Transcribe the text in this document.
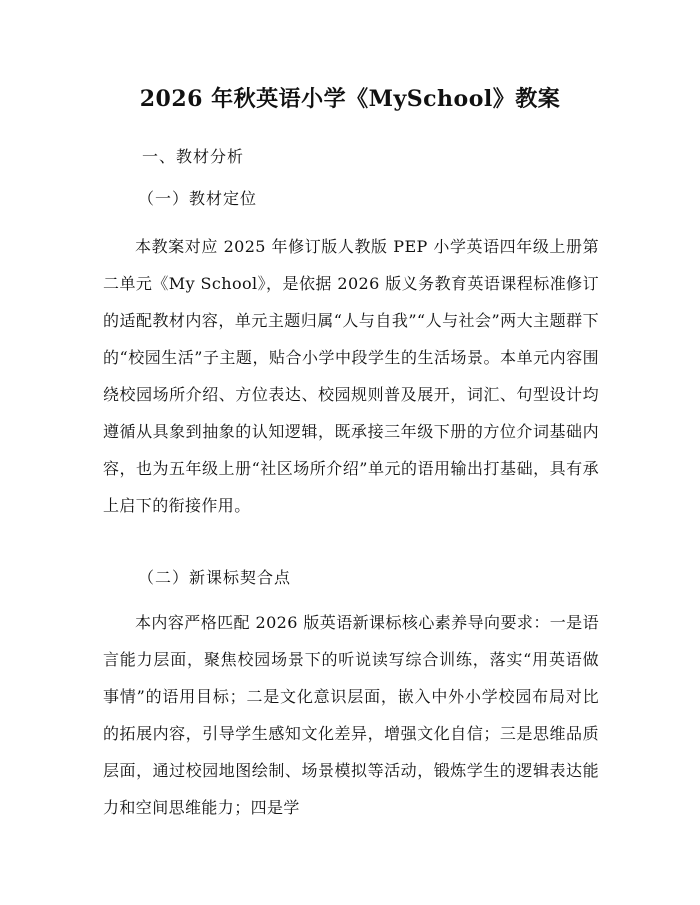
2026 年秋英语小学《MySchool》教案
一、教材分析
（一）教材定位

本教案对应 2025 年修订版人教版 PEP 小学英语四年级上册第二单元《My School》，是依据 2026 版义务教育英语课程标准修订的适配教材内容，单元主题归属“人与自我”“人与社会”两大主题群下的“校园生活”子主题，贴合小学中段学生的生活场景。本单元内容围绕校园场所介绍、方位表达、校园规则普及展开，词汇、句型设计均遵循从具象到抽象的认知逻辑，既承接三年级下册的方位介词基础内容，也为五年级上册“社区场所介绍”单元的语用输出打基础，具有承上启下的衔接作用。

（二）新课标契合点

本内容严格匹配 2026 版英语新课标核心素养导向要求：一是语言能力层面，聚焦校园场景下的听说读写综合训练，落实“用英语做事情”的语用目标；二是文化意识层面，嵌入中外小学校园布局对比的拓展内容，引导学生感知文化差异，增强文化自信；三是思维品质层面，通过校园地图绘制、场景模拟等活动，锻炼学生的逻辑表达能力和空间思维能力；四是学
